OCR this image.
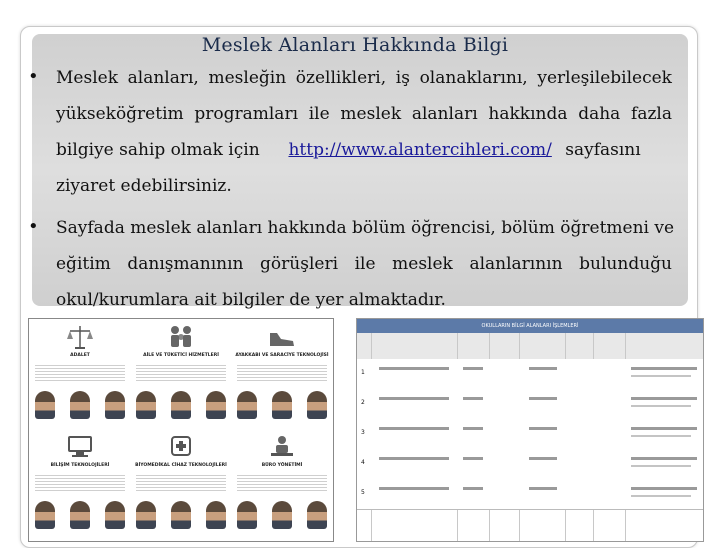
Meslek Alanları Hakkında Bilgi
• Meslek alanları, mesleğin özellikleri, iş olanaklarını, yerleşilebilecek
yükseköğretim programları ile meslek alanları hakkında daha fazla
bilgiye sahip olmak için http://www.alantercihleri.com/ sayfasını
ziyaret edebilirsiniz.
• Sayfada meslek alanları hakkında bölüm öğrencisi, bölüm öğretmeni ve
eğitim danışmanının görüşleri ile meslek alanlarının bulunduğu
okul/kurumlara ait bilgiler de yer almaktadır.
ADALET	AİLE VE TÜKETİCİ HİZMETLERİ	AYAKKABI VE SARACİYE TEKNOLOJİSİ
BİLİŞİM TEKNOLOJİLERİ	BİYOMEDİKAL CİHAZ TEKNOLOJİLERİ	BÜRO YÖNETİMİ
OKULLARIN BİLGİ ALANLARI İŞLEMLERİ
1
2
3
4
5
